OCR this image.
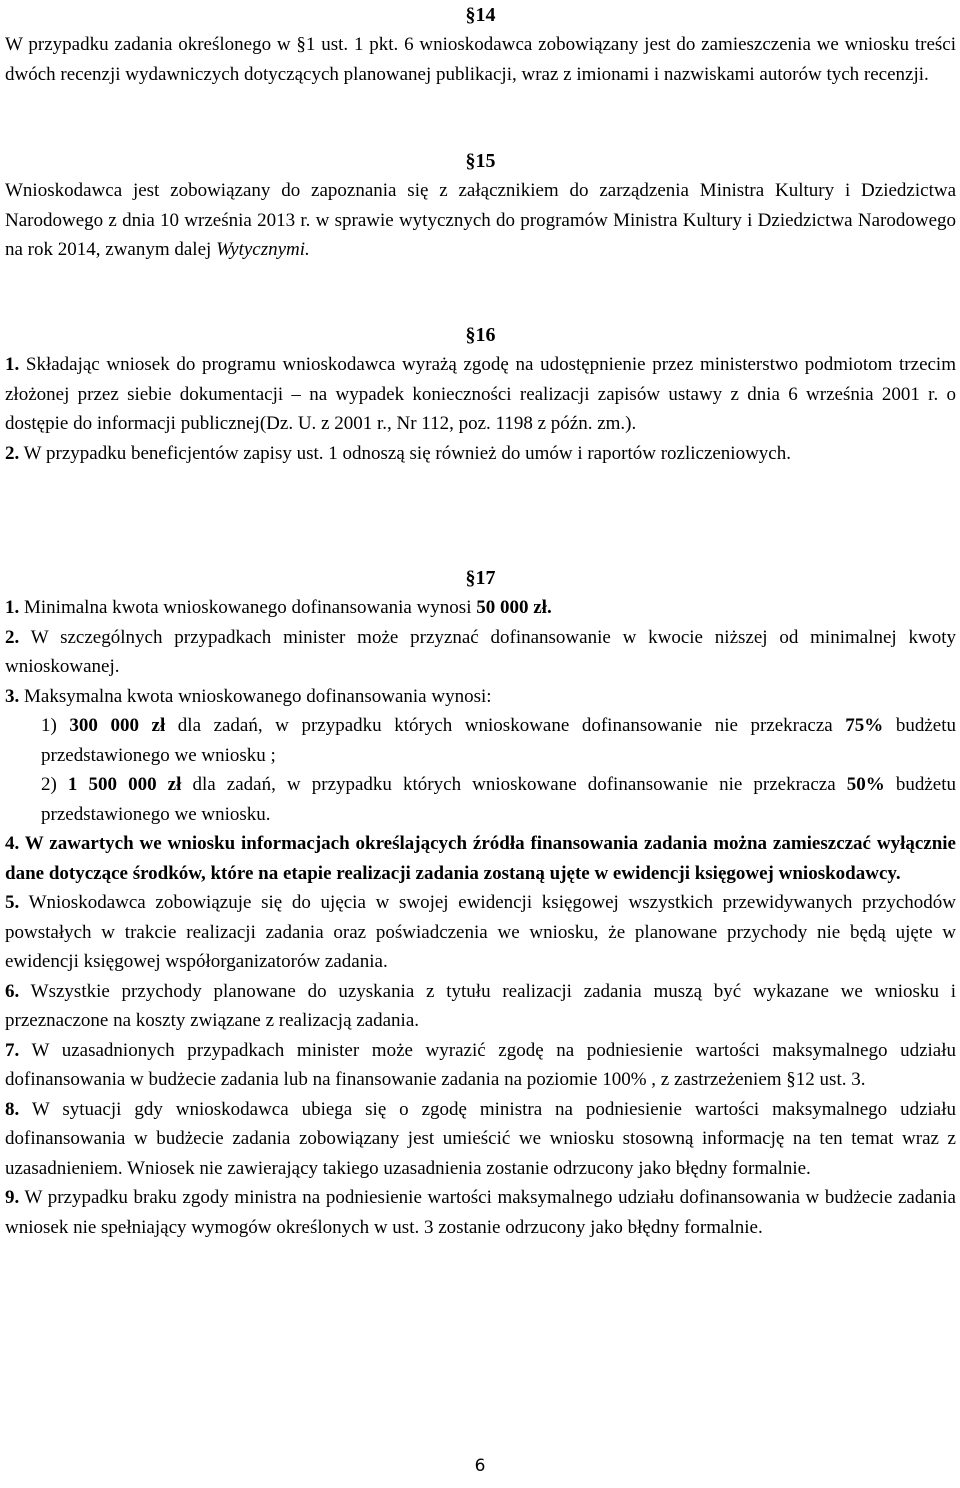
§14

W przypadku zadania określonego w §1 ust. 1 pkt. 6 wnioskodawca zobowiązany jest do zamieszczenia we wniosku treści dwóch recenzji wydawniczych dotyczących planowanej publikacji, wraz z imionami i nazwiskami autorów tych recenzji.

§15

Wnioskodawca jest zobowiązany do zapoznania się z załącznikiem do zarządzenia Ministra Kultury i Dziedzictwa Narodowego z dnia 10 września 2013 r. w sprawie wytycznych do programów Ministra Kultury i Dziedzictwa Narodowego na rok 2014, zwanym dalej Wytycznymi.

§16

1. Składając wniosek do programu wnioskodawca wyrażą zgodę na udostępnienie przez ministerstwo podmiotom trzecim złożonej przez siebie dokumentacji – na wypadek konieczności realizacji zapisów ustawy z dnia 6 września 2001 r. o dostępie do informacji publicznej(Dz. U. z 2001 r., Nr 112, poz. 1198 z późn. zm.).

2. W przypadku beneficjentów zapisy ust. 1 odnoszą się również do umów i raportów rozliczeniowych.

§17

1. Minimalna kwota wnioskowanego dofinansowania wynosi 50 000 zł.

2. W szczególnych przypadkach minister może przyznać dofinansowanie w kwocie niższej od minimalnej kwoty wnioskowanej.

3. Maksymalna kwota wnioskowanego dofinansowania wynosi:

1) 300 000 zł dla zadań, w przypadku których wnioskowane dofinansowanie nie przekracza 75% budżetu przedstawionego we wniosku ;

2) 1 500 000 zł dla zadań, w przypadku których wnioskowane dofinansowanie nie przekracza 50% budżetu przedstawionego we wniosku.

4. W zawartych we wniosku informacjach określających źródła finansowania zadania można zamieszczać wyłącznie dane dotyczące środków, które na etapie realizacji zadania zostaną ujęte w ewidencji księgowej wnioskodawcy.

5. Wnioskodawca zobowiązuje się do ujęcia w swojej ewidencji księgowej wszystkich przewidywanych przychodów powstałych w trakcie realizacji zadania oraz poświadczenia we wniosku, że planowane przychody nie będą ujęte w ewidencji księgowej współorganizatorów zadania.

6. Wszystkie przychody planowane do uzyskania z tytułu realizacji zadania muszą być wykazane we wniosku i przeznaczone na koszty związane z realizacją zadania.

7. W uzasadnionych przypadkach minister może wyrazić zgodę na podniesienie wartości maksymalnego udziału dofinansowania w budżecie zadania lub na finansowanie zadania na poziomie 100% , z zastrzeżeniem §12 ust. 3.

8. W sytuacji gdy wnioskodawca ubiega się o zgodę ministra na podniesienie wartości maksymalnego udziału dofinansowania w budżecie zadania zobowiązany jest umieścić we wniosku stosowną informację na ten temat wraz z uzasadnieniem. Wniosek nie zawierający takiego uzasadnienia zostanie odrzucony jako błędny formalnie.

9. W przypadku braku zgody ministra na podniesienie wartości maksymalnego udziału dofinansowania w budżecie zadania wniosek nie spełniający wymogów określonych w ust. 3 zostanie odrzucony jako błędny formalnie.

6
